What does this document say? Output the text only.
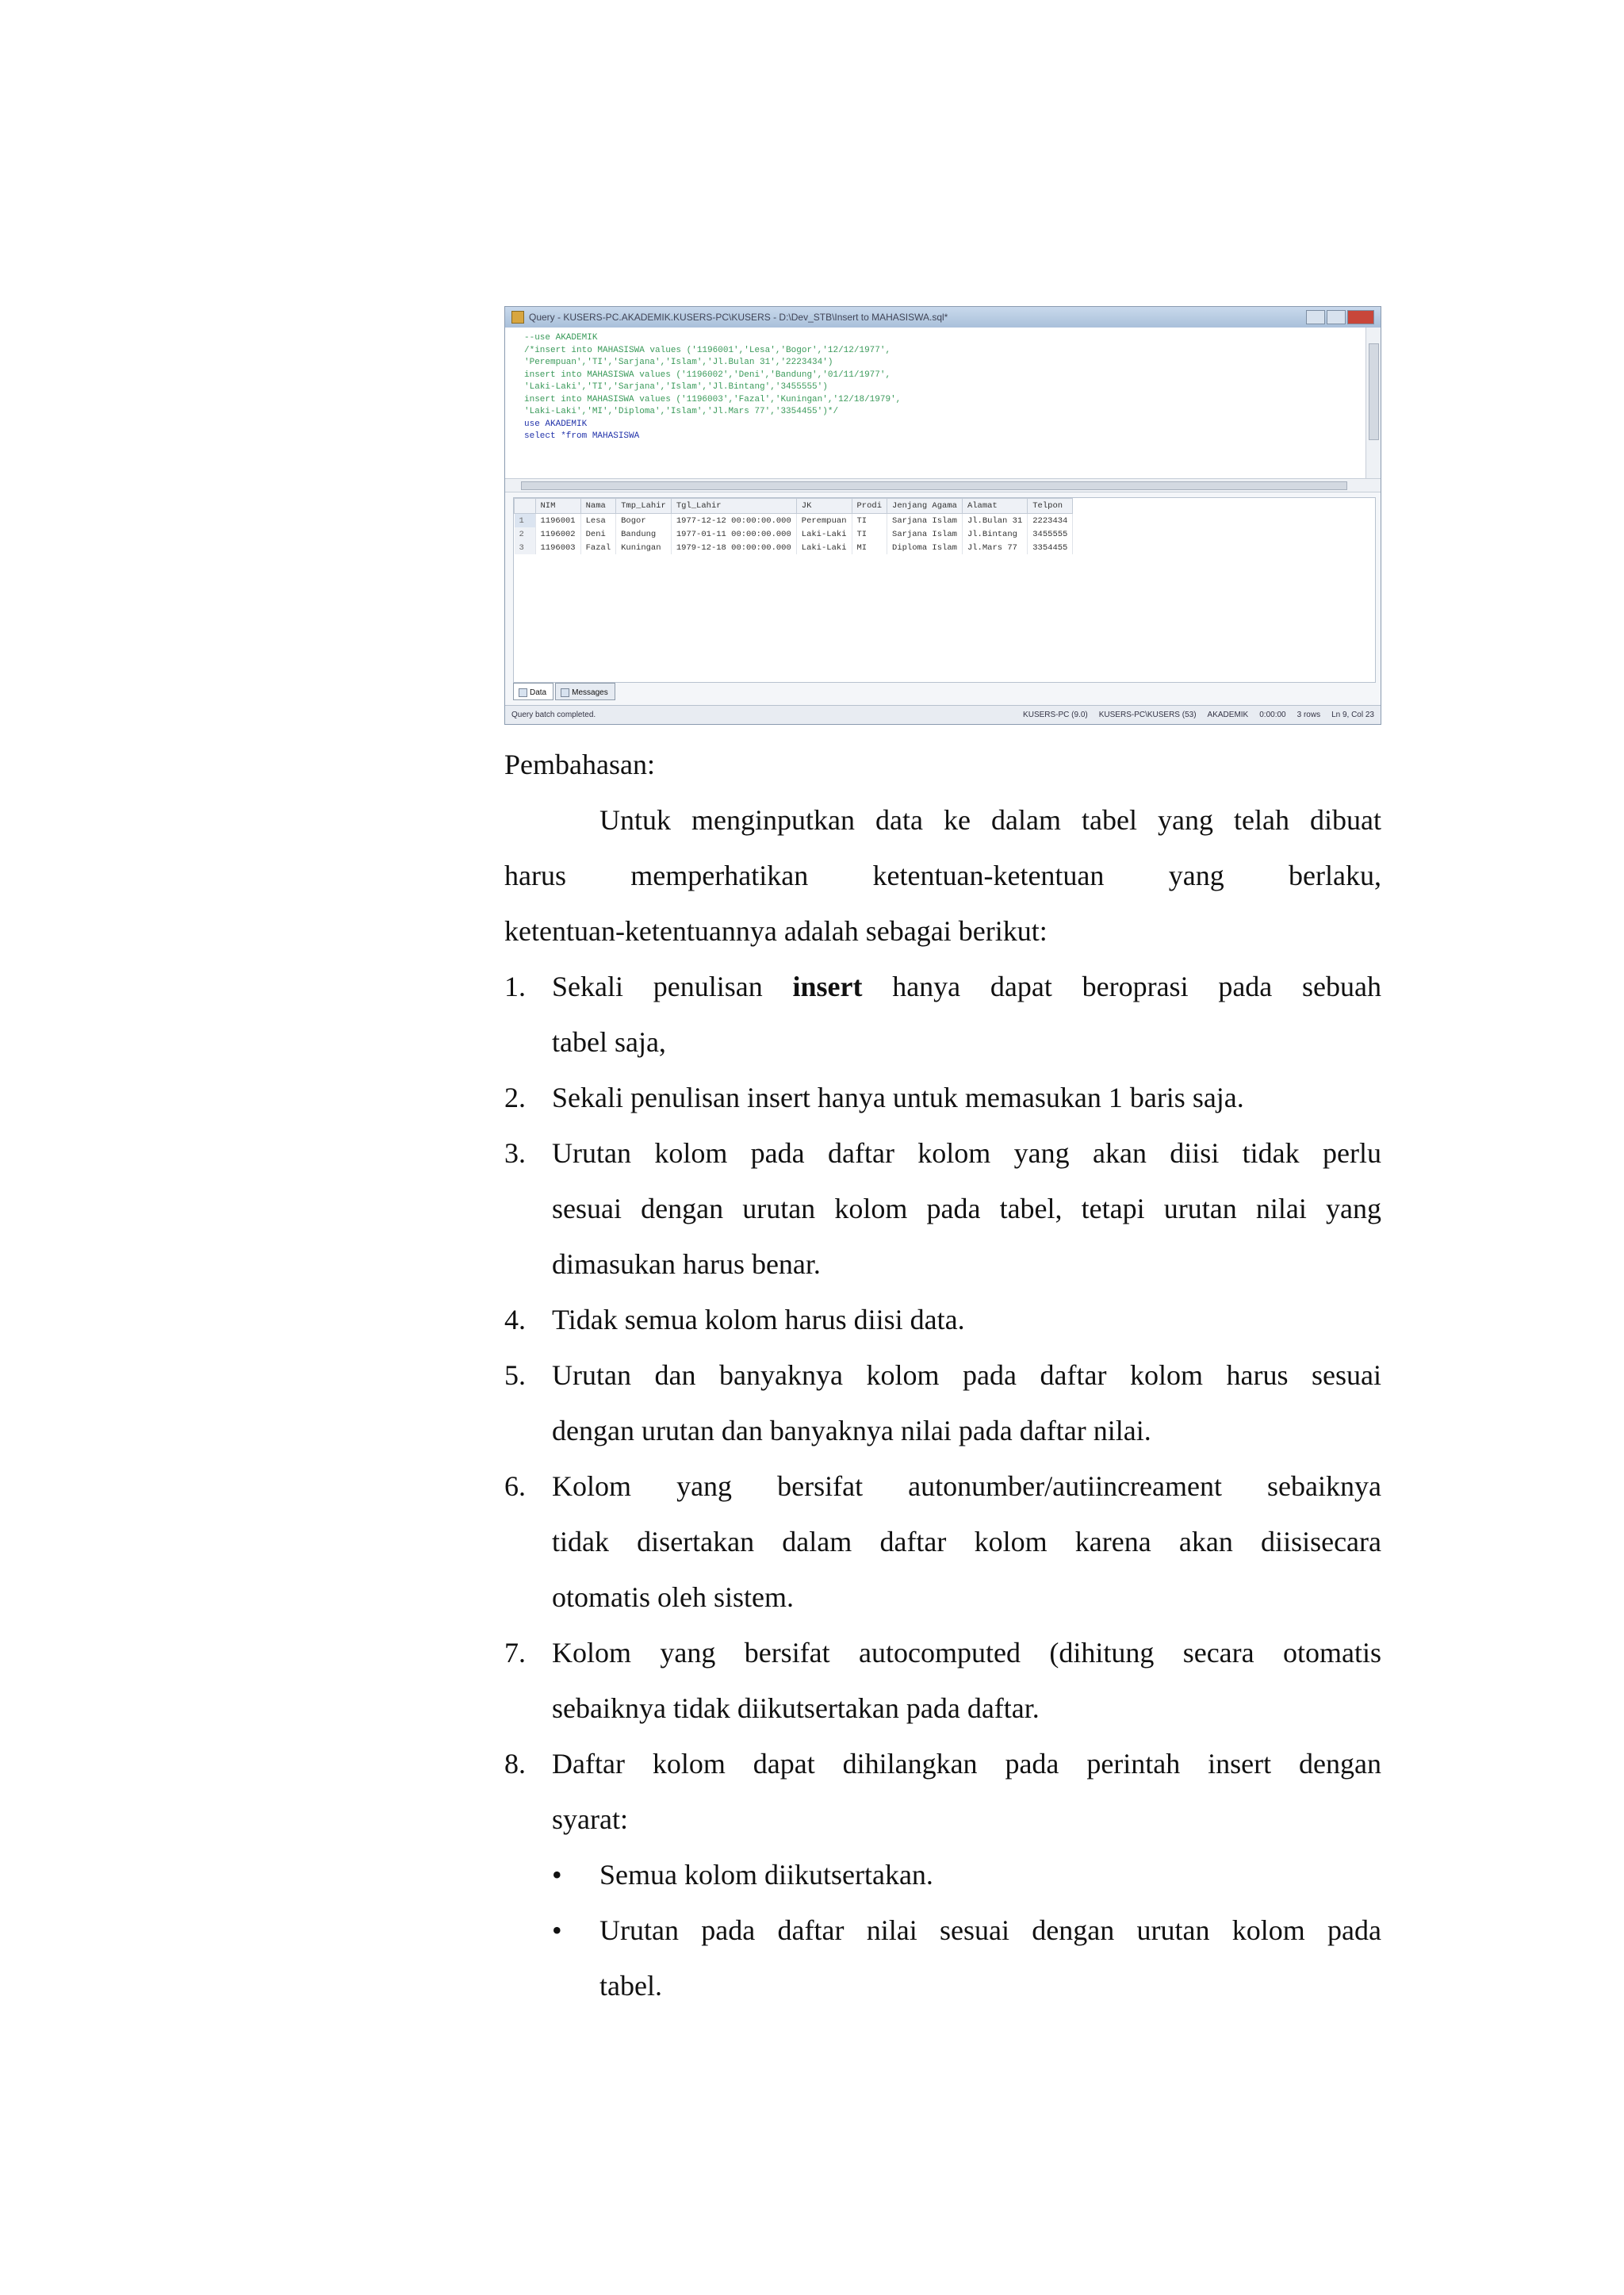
Query - KUSERS-PC.AKADEMIK.KUSERS-PC\KUSERS - D:\Dev_STB\Insert to MAHASISWA.sql*
--use AKADEMIK
/*insert into MAHASISWA values ('1196001','Lesa','Bogor','12/12/1977',
'Perempuan','TI','Sarjana','Islam','Jl.Bulan 31','2223434')
insert into MAHASISWA values ('1196002','Deni','Bandung','01/11/1977',
'Laki-Laki','TI','Sarjana','Islam','Jl.Bintang','3455555')
insert into MAHASISWA values ('1196003','Fazal','Kuningan','12/18/1979',
'Laki-Laki','MI','Diploma','Islam','Jl.Mars 77','3354455')*/
use AKADEMIK
select *from MAHASISWA
	NIM	Nama	Tmp_Lahir	Tgl_Lahir	JK	Prodi	Jenjang Agama	Alamat	Telpon
1	1196001	Lesa	Bogor	1977-12-12 00:00:00.000	Perempuan	TI	Sarjana Islam	Jl.Bulan 31	2223434
2	1196002	Deni	Bandung	1977-01-11 00:00:00.000	Laki-Laki	TI	Sarjana Islam	Jl.Bintang	3455555
3	1196003	Fazal	Kuningan	1979-12-18 00:00:00.000	Laki-Laki	MI	Diploma Islam	Jl.Mars 77	3354455
Data	Messages
Query batch completed.	KUSERS-PC (9.0) KUSERS-PC\KUSERS (53) AKADEMIK 0:00:00 3 rows Ln 9, Col 23
Pembahasan:
Untuk menginputkan data ke dalam tabel yang telah dibuat
harus memperhatikan ketentuan-ketentuan yang berlaku,
ketentuan-ketentuannya adalah sebagai berikut:
1. Sekali penulisan insert hanya dapat beroprasi pada sebuah
tabel saja,
2. Sekali penulisan insert hanya untuk memasukan 1 baris saja.
3. Urutan kolom pada daftar kolom yang akan diisi tidak perlu
sesuai dengan urutan kolom pada tabel, tetapi urutan nilai yang
dimasukan harus benar.
4. Tidak semua kolom harus diisi data.
5. Urutan dan banyaknya kolom pada daftar kolom harus sesuai
dengan urutan dan banyaknya nilai pada daftar nilai.
6. Kolom yang bersifat autonumber/autiincreament sebaiknya
tidak disertakan dalam daftar kolom karena akan diisisecara
otomatis oleh sistem.
7. Kolom yang bersifat autocomputed (dihitung secara otomatis
sebaiknya tidak diikutsertakan pada daftar.
8. Daftar kolom dapat dihilangkan pada perintah insert dengan
syarat:
• Semua kolom diikutsertakan.
• Urutan pada daftar nilai sesuai dengan urutan kolom pada
tabel.
